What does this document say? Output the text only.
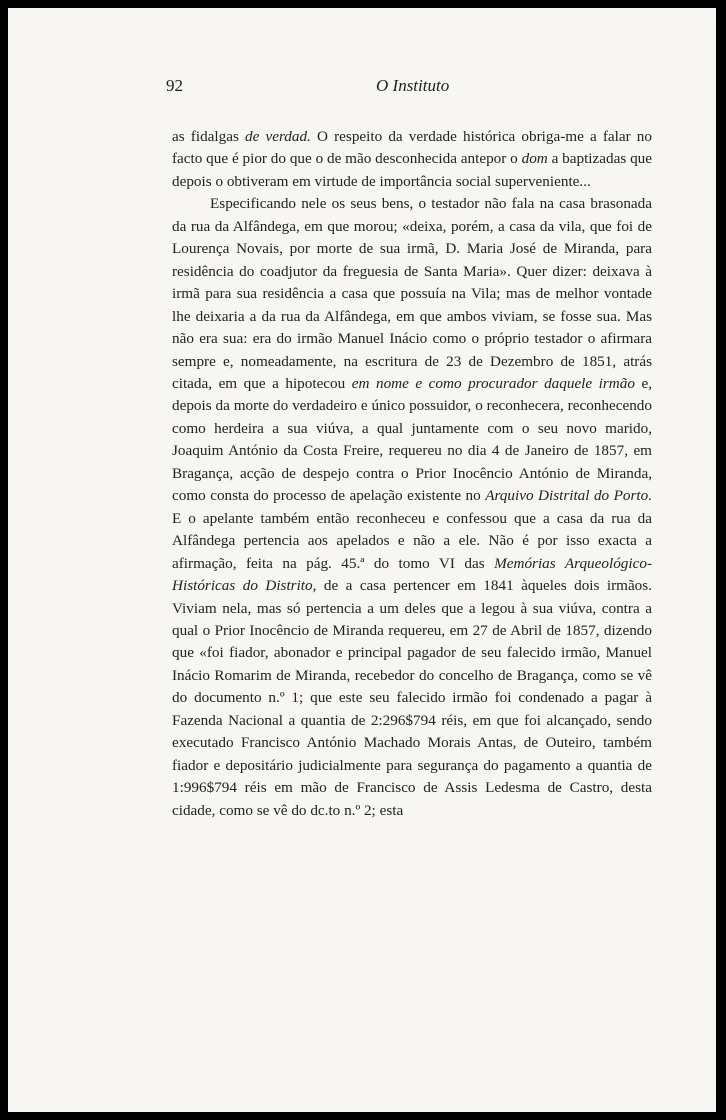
92	O Instituto

as fidalgas de verdad. O respeito da verdade histórica obriga-me a falar no facto que é pior do que o de mão desconhecida antepor o dom a baptizadas que depois o obtiveram em virtude de importância social superveniente...

Especificando nele os seus bens, o testador não fala na casa brasonada da rua da Alfândega, em que morou; «deixa, porém, a casa da vila, que foi de Lourença Novais, por morte de sua irmã, D. Maria José de Miranda, para residência do coadjutor da freguesia de Santa Maria». Quer dizer: deixava à irmã para sua residência a casa que possuía na Vila; mas de melhor vontade lhe deixaria a da rua da Alfândega, em que ambos viviam, se fosse sua. Mas não era sua: era do irmão Manuel Inácio como o próprio testador o afirmara sempre e, nomeadamente, na escritura de 23 de Dezembro de 1851, atrás citada, em que a hipotecou em nome e como procurador daquele irmão e, depois da morte do verdadeiro e único possuidor, o reconhecera, reconhecendo como herdeira a sua viúva, a qual juntamente com o seu novo marido, Joaquim António da Costa Freire, requereu no dia 4 de Janeiro de 1857, em Bragança, acção de despejo contra o Prior Inocêncio António de Miranda, como consta do processo de apelação existente no Arquivo Distrital do Porto. E o apelante também então reconheceu e confessou que a casa da rua da Alfândega pertencia aos apelados e não a ele. Não é por isso exacta a afirmação, feita na pág. 45.ª do tomo VI das Memórias Arqueológico-Históricas do Distrito, de a casa pertencer em 1841 àqueles dois irmãos. Viviam nela, mas só pertencia a um deles que a legou à sua viúva, contra a qual o Prior Inocêncio de Miranda requereu, em 27 de Abril de 1857, dizendo que «foi fiador, abonador e principal pagador de seu falecido irmão, Manuel Inácio Romarim de Miranda, recebedor do concelho de Bragança, como se vê do documento n.º 1; que este seu falecido irmão foi condenado a pagar à Fazenda Nacional a quantia de 2:296$794 réis, em que foi alcançado, sendo executado Francisco António Machado Morais Antas, de Outeiro, também fiador e depositário judicialmente para segurança do pagamento a quantia de 1:996$794 réis em mão de Francisco de Assis Ledesma de Castro, desta cidade, como se vê do dc.to n.º 2; esta
